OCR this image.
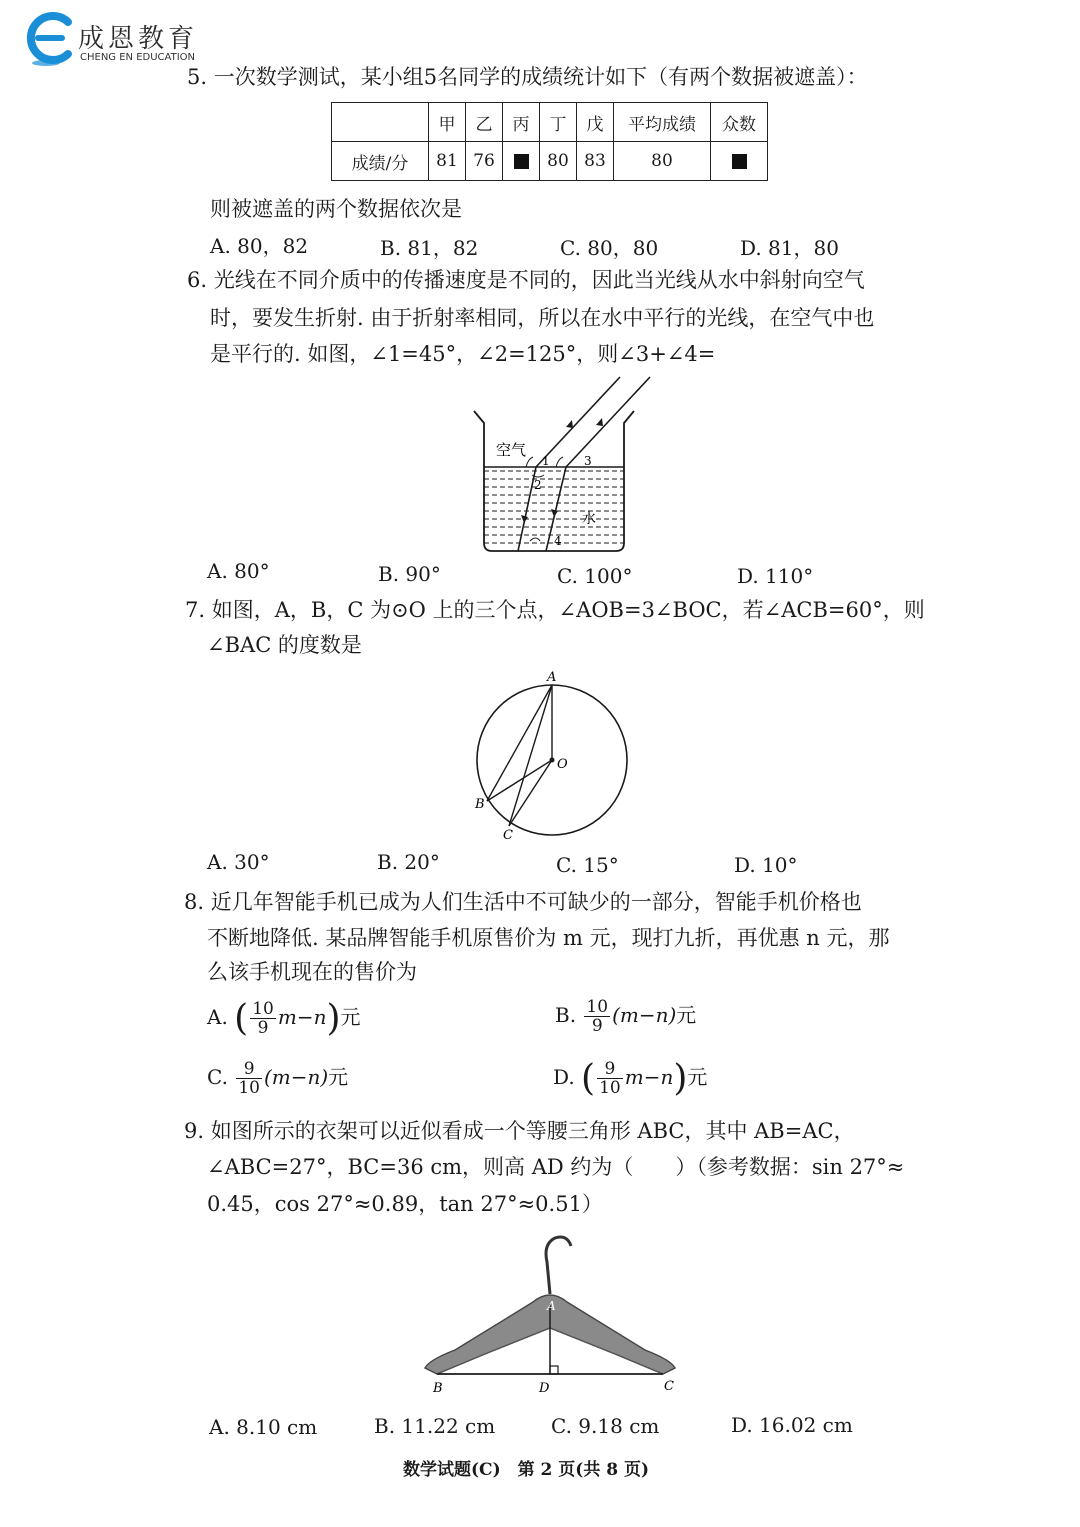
成恩教育
CHENG EN EDUCATION
5. 一次数学测试，某小组5名同学的成绩统计如下（有两个数据被遮盖）：
	甲	乙	丙	丁	戊	平均成绩	众数
成绩/分	81	76		80	83	80	
则被遮盖的两个数据依次是
A. 80，82	B. 81，82	C. 80，80	D. 81，80
6. 光线在不同介质中的传播速度是不同的，因此当光线从水中斜射向空气
时，要发生折射. 由于折射率相同，所以在水中平行的光线，在空气中也
是平行的. 如图，∠1=45°，∠2=125°，则∠3+∠4=
空气
水
1
2
3
4
A. 80°	B. 90°	C. 100°	D. 110°
7. 如图，A，B，C 为⊙O 上的三个点，∠AOB=3∠BOC，若∠ACB=60°，则
∠BAC 的度数是
A
O
B
C
A. 30°	B. 20°	C. 15°	D. 10°
8. 近几年智能手机已成为人们生活中不可缺少的一部分，智能手机价格也
不断地降低. 某品牌智能手机原售价为 m 元，现打九折，再优惠 n 元，那
么该手机现在的售价为
A. ( $\frac{10}{9} m-n$)元	B. $\frac{10}{9} (m-n)$元
C. $\frac{9}{10} (m-n)$元	D. ( $\frac{9}{10} m-n$)元
9. 如图所示的衣架可以近似看成一个等腰三角形 ABC，其中 AB=AC，
∠ABC=27°，BC=36 cm，则高 AD 约为（　　）（参考数据：sin 27°≈
0.45，cos 27°≈0.89，tan 27°≈0.51）
A
B	D	C
A. 8.10 cm	B. 11.22 cm	C. 9.18 cm	D. 16.02 cm
数学试题(C)　第 2 页(共 8 页)
